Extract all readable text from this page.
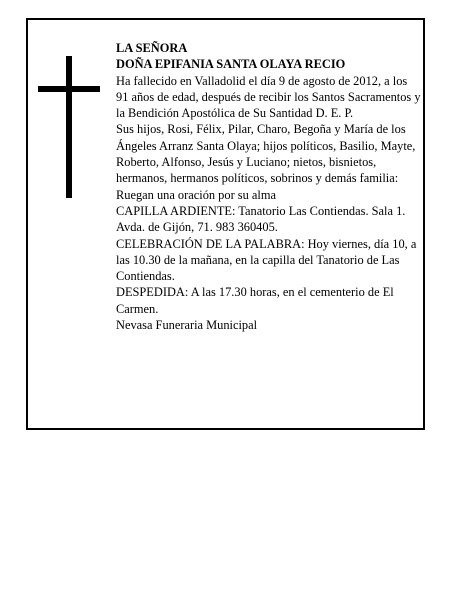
LA SEÑORA

DOÑA EPIFANIA SANTA OLAYA RECIO

Ha fallecido en Valladolid el día 9 de agosto de 2012, a los 91 años de edad, después de recibir los Santos Sacramentos y la Bendición Apostólica de Su Santidad D. E. P.

Sus hijos, Rosi, Félix, Pilar, Charo, Begoña y María de los Ángeles Arranz Santa Olaya; hijos políticos, Basilio, Mayte, Roberto, Alfonso, Jesús y Luciano; nietos, bisnietos, hermanos, hermanos políticos, sobrinos y demás familia:

Ruegan una oración por su alma

CAPILLA ARDIENTE: Tanatorio Las Contiendas. Sala 1. Avda. de Gijón, 71. 983 360405.

CELEBRACIÓN DE LA PALABRA: Hoy viernes, día 10, a las 10.30 de la mañana, en la capilla del Tanatorio de Las Contiendas.

DESPEDIDA: A las 17.30 horas, en el cementerio de El Carmen.

Nevasa Funeraria Municipal
